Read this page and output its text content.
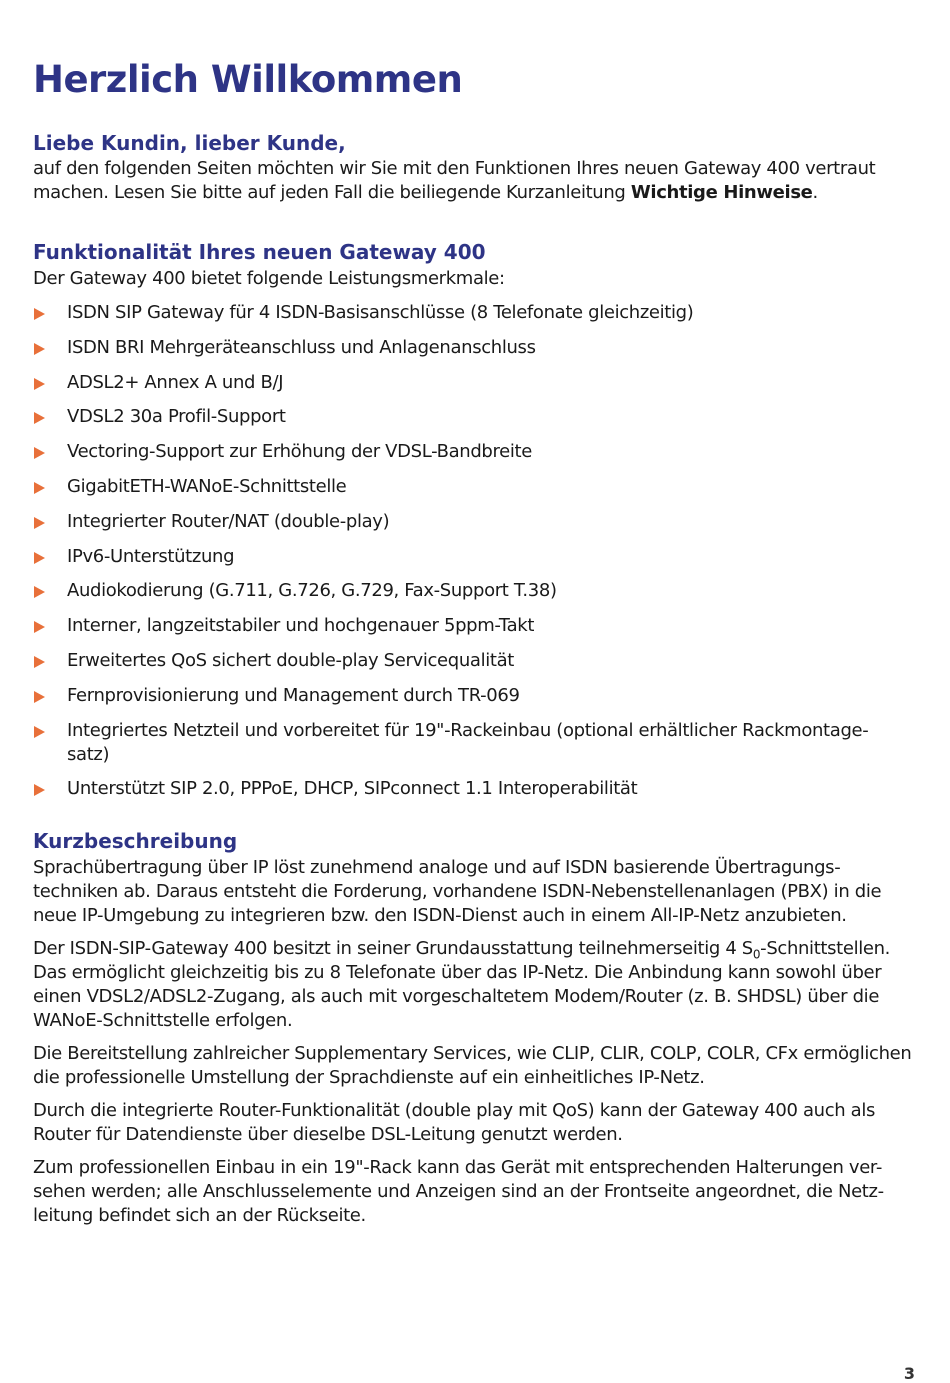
Herzlich Willkommen
Liebe Kundin, lieber Kunde,

auf den folgenden Seiten möchten wir Sie mit den Funktionen Ihres neuen Gateway 400 vertraut machen. Lesen Sie bitte auf jeden Fall die beiliegende Kurzanleitung Wichtige Hinweise.

Funktionalität Ihres neuen Gateway 400

Der Gateway 400 bietet folgende Leistungsmerkmale:

ISDN SIP Gateway für 4 ISDN-Basisanschlüsse (8 Telefonate gleichzeitig)
ISDN BRI Mehrgeräteanschluss und Anlagenanschluss
ADSL2+ Annex A und B/J
VDSL2 30a Profil-Support
Vectoring-Support zur Erhöhung der VDSL-Bandbreite
GigabitETH-WANoE-Schnittstelle
Integrierter Router/NAT (double-play)
IPv6-Unterstützung
Audiokodierung (G.711, G.726, G.729, Fax-Support T.38)
Interner, langzeitstabiler und hochgenauer 5ppm-Takt
Erweitertes QoS sichert double-play Servicequalität
Fernprovisionierung und Management durch TR-069
Integriertes Netzteil und vorbereitet für 19"-Rackeinbau (optional erhältlicher Rackmontage- satz)
Unterstützt SIP 2.0, PPPoE, DHCP, SIPconnect 1.1 Interoperabilität
Kurzbeschreibung

Sprachübertragung über IP löst zunehmend analoge und auf ISDN basierende Übertragungs- techniken ab. Daraus entsteht die Forderung, vorhandene ISDN-Nebenstellenanlagen (PBX) in die neue IP-Umgebung zu integrieren bzw. den ISDN-Dienst auch in einem All-IP-Netz anzubieten.

Der ISDN-SIP-Gateway 400 besitzt in seiner Grundausstattung teilnehmerseitig 4 $S_0$-Schnittstellen. Das ermöglicht gleichzeitig bis zu 8 Telefonate über das IP-Netz. Die Anbindung kann sowohl über einen VDSL2/ADSL2-Zugang, als auch mit vorgeschaltetem Modem/Router (z. B. SHDSL) über die WANoE-Schnittstelle erfolgen.

Die Bereitstellung zahlreicher Supplementary Services, wie CLIP, CLIR, COLP, COLR, CFx ermöglichen die professionelle Umstellung der Sprachdienste auf ein einheitliches IP-Netz.

Durch die integrierte Router-Funktionalität (double play mit QoS) kann der Gateway 400 auch als Router für Datendienste über dieselbe DSL-Leitung genutzt werden.

Zum professionellen Einbau in ein 19"-Rack kann das Gerät mit entsprechenden Halterungen ver- sehen werden; alle Anschlusselemente und Anzeigen sind an der Frontseite angeordnet, die Netz- leitung befindet sich an der Rückseite.

3
